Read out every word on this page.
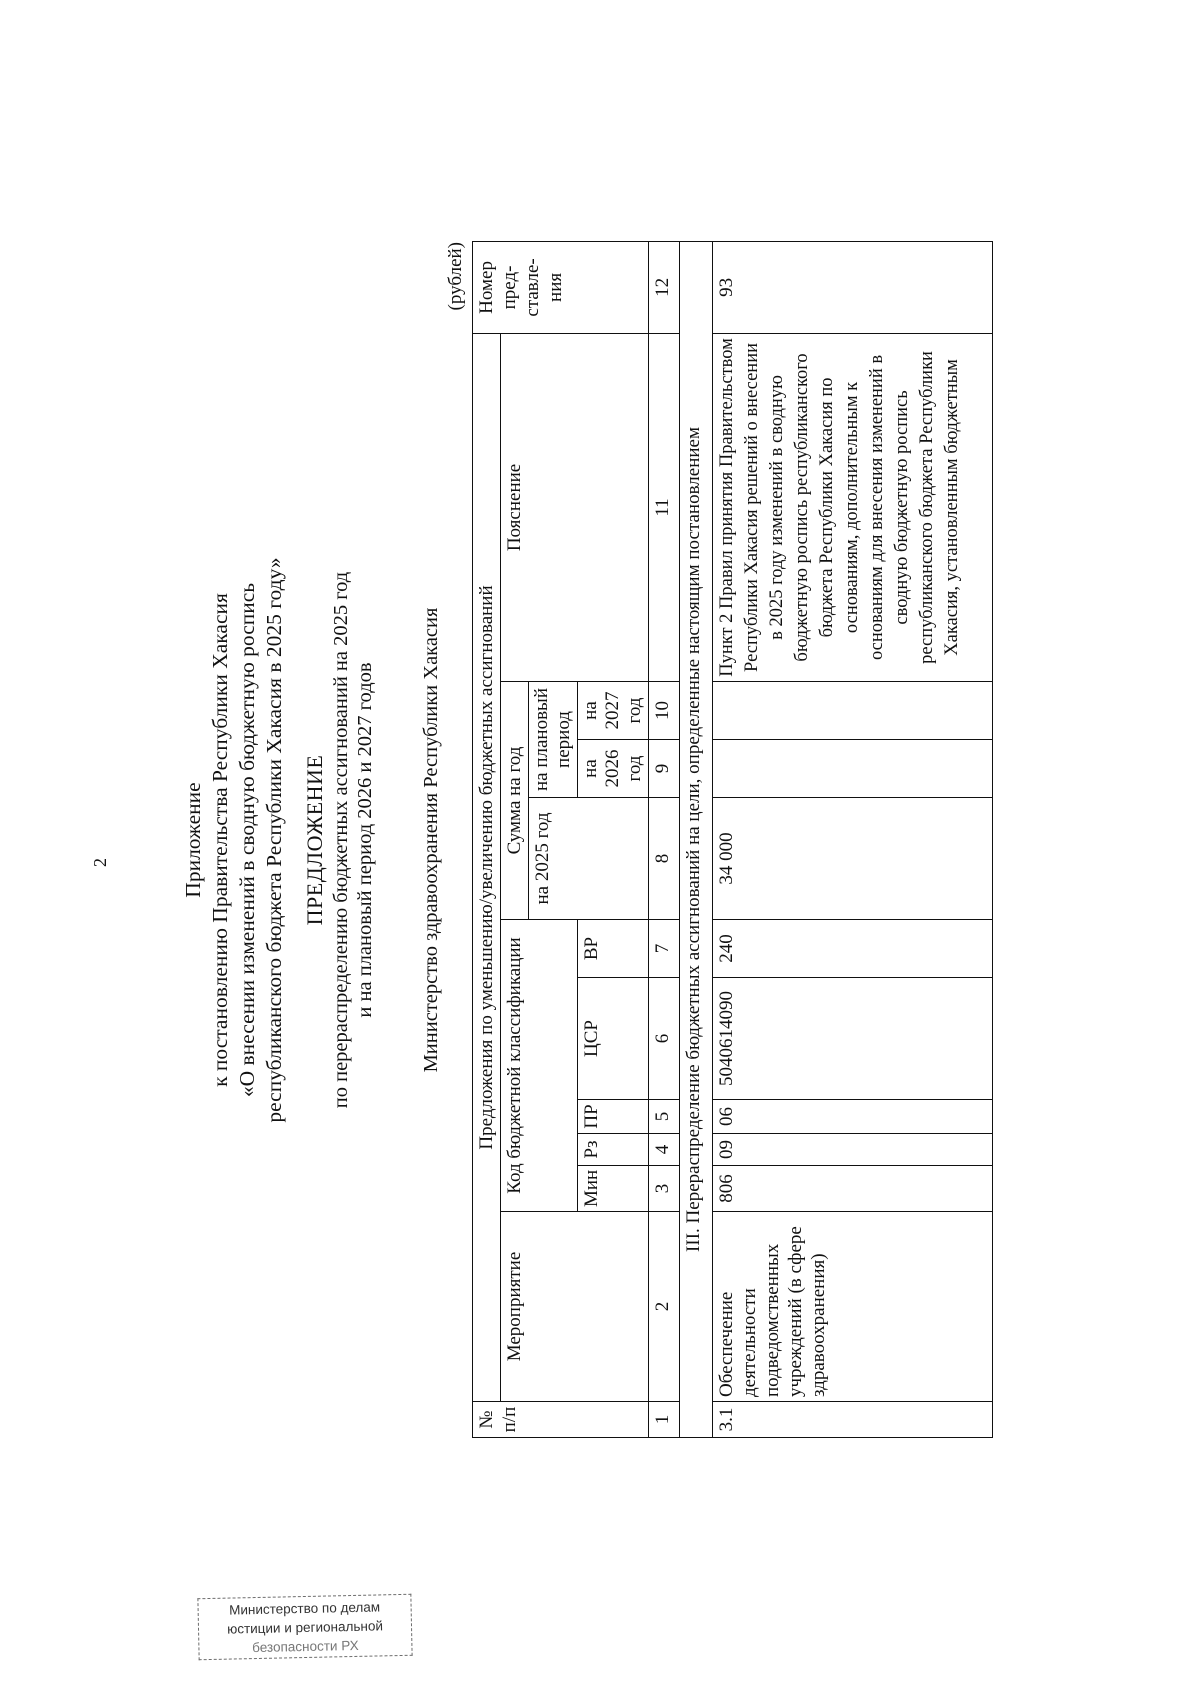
2
Министерство по делам
юстиции и региональной
безопасности РХ
Приложение к постановлению Правительства Республики Хакасия «О внесении изменений в сводную бюджетную роспись республиканского бюджета Республики Хакасия в 2025 году» ПРЕДЛОЖЕНИЕ по перераспределению бюджетных ассигнований на 2025 год и на плановый период 2026 и 2027 годов Министерство здравоохранения Республики Хакасия
(рублей)
№ п/п	Предложения по уменьшению/увеличению бюджетных ассигнований										Номер пред-ставле-ния
	Мероприятие	Код бюджетной классификации					Сумма на год			Пояснение	
							на 2025 год	на плановый период			
		Мин	Рз	ПР	ЦСР	ВР		на 2026 год	на 2027 год		
1	2	3	4	5	6	7	8	9	10	11	12
III. Перераспределение бюджетных ассигнований на цели, определенные настоящим постановлением											
3.1	Обеспечение деятельности подведомственных учреждений (в сфере здравоохранения)	806	09	06	5040614090	240	34 000			Пункт 2 Правил принятия Правительством Республики Хакасия решений о внесении в 2025 году изменений в сводную бюджетную роспись республиканского бюджета Республики Хакасия по основаниям, дополнительным к основаниям для внесения изменений в сводную бюджетную роспись республиканского бюджета Республики Хакасия, установленным бюджетным	93
